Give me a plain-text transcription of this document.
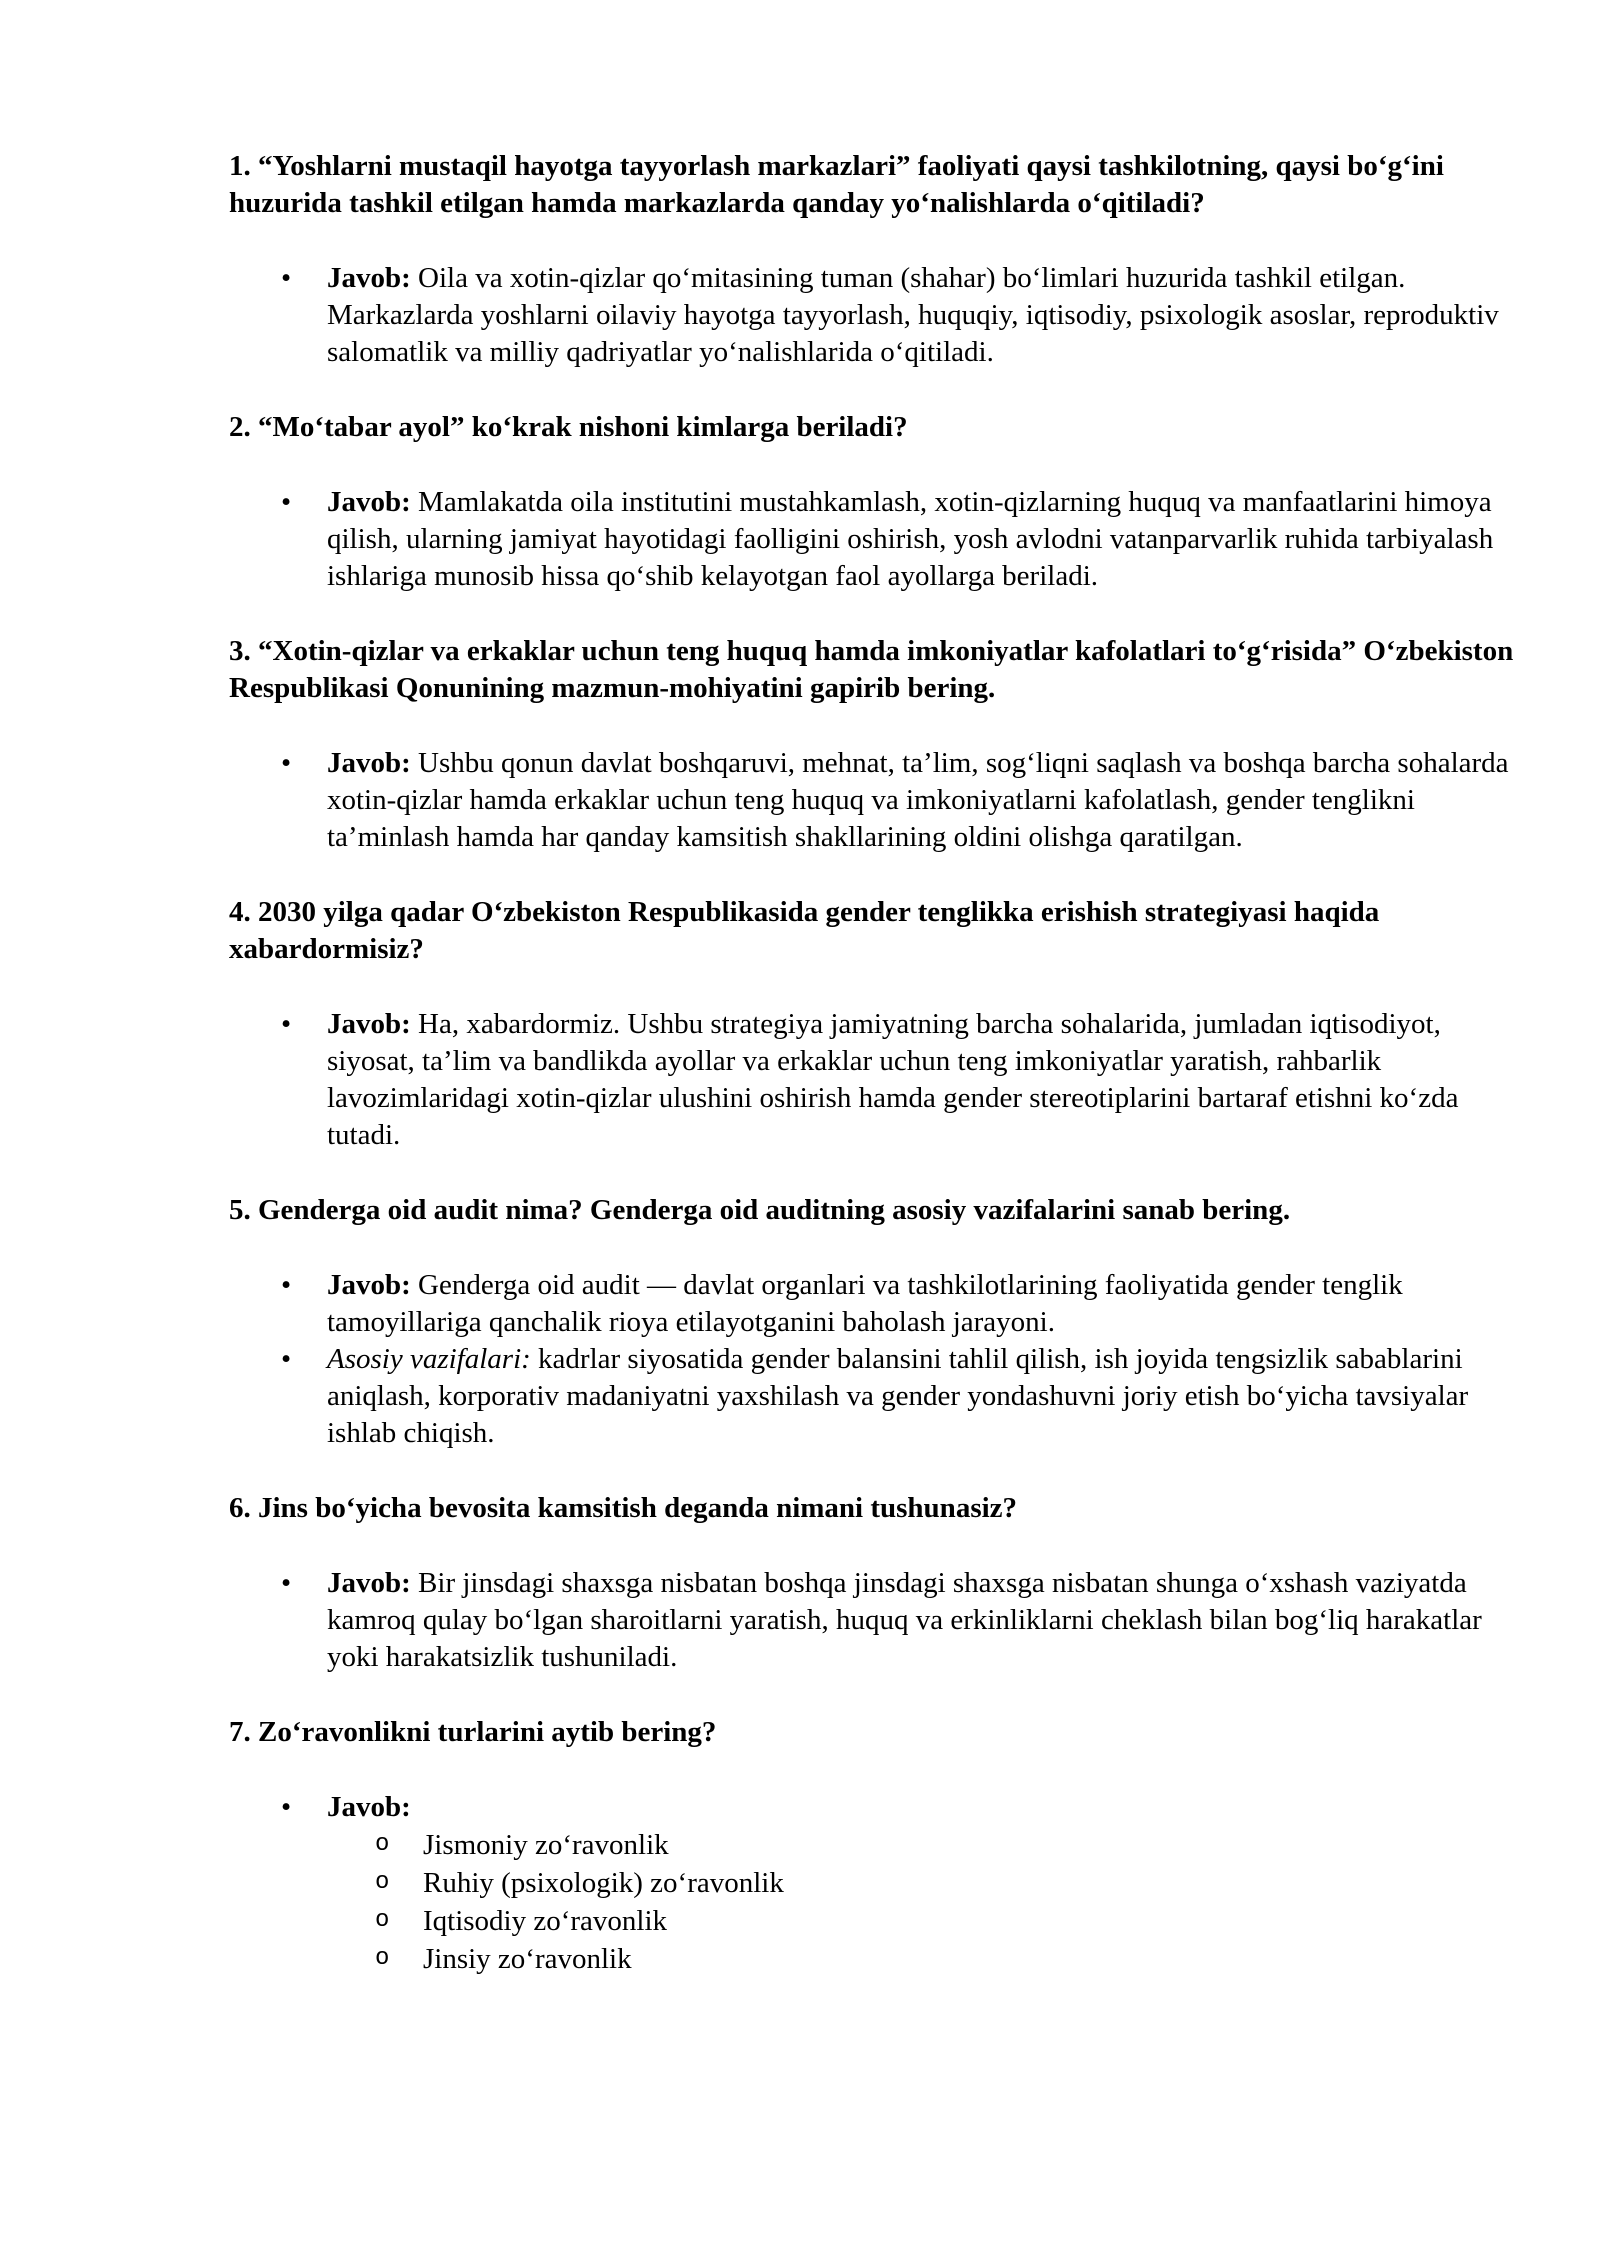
1. “Yoshlarni mustaqil hayotga tayyorlash markazlari” faoliyati qaysi tashkilotning, qaysi bo‘g‘ini huzurida tashkil etilgan hamda markazlarda qanday yo‘nalishlarda o‘qitiladi?
• Javob: Oila va xotin-qizlar qo‘mitasining tuman (shahar) bo‘limlari huzurida tashkil etilgan. Markazlarda yoshlarni oilaviy hayotga tayyorlash, huquqiy, iqtisodiy, psixologik asoslar, reproduktiv salomatlik va milliy qadriyatlar yo‘nalishlarida o‘qitiladi.
2. “Mo‘tabar ayol” ko‘krak nishoni kimlarga beriladi?
• Javob: Mamlakatda oila institutini mustahkamlash, xotin-qizlarning huquq va manfaatlarini himoya qilish, ularning jamiyat hayotidagi faolligini oshirish, yosh avlodni vatanparvarlik ruhida tarbiyalash ishlariga munosib hissa qo‘shib kelayotgan faol ayollarga beriladi.
3. “Xotin-qizlar va erkaklar uchun teng huquq hamda imkoniyatlar kafolatlari to‘g‘risida” O‘zbekiston Respublikasi Qonunining mazmun-mohiyatini gapirib bering.
• Javob: Ushbu qonun davlat boshqaruvi, mehnat, ta’lim, sog‘liqni saqlash va boshqa barcha sohalarda xotin-qizlar hamda erkaklar uchun teng huquq va imkoniyatlarni kafolatlash, gender tenglikni ta’minlash hamda har qanday kamsitish shakllarining oldini olishga qaratilgan.
4. 2030 yilga qadar O‘zbekiston Respublikasida gender tenglikka erishish strategiyasi haqida xabardormisiz?
• Javob: Ha, xabardormiz. Ushbu strategiya jamiyatning barcha sohalarida, jumladan iqtisodiyot, siyosat, ta’lim va bandlikda ayollar va erkaklar uchun teng imkoniyatlar yaratish, rahbarlik lavozimlaridagi xotin-qizlar ulushini oshirish hamda gender stereotiplarini bartaraf etishni ko‘zda tutadi.
5. Genderga oid audit nima? Genderga oid auditning asosiy vazifalarini sanab bering.
• Javob: Genderga oid audit — davlat organlari va tashkilotlarining faoliyatida gender tenglik tamoyillariga qanchalik rioya etilayotganini baholash jarayoni.
• Asosiy vazifalari: kadrlar siyosatida gender balansini tahlil qilish, ish joyida tengsizlik sabablarini aniqlash, korporativ madaniyatni yaxshilash va gender yondashuvni joriy etish bo‘yicha tavsiyalar ishlab chiqish.
6. Jins bo‘yicha bevosita kamsitish deganda nimani tushunasiz?
• Javob: Bir jinsdagi shaxsga nisbatan boshqa jinsdagi shaxsga nisbatan shunga o‘xshash vaziyatda kamroq qulay bo‘lgan sharoitlarni yaratish, huquq va erkinliklarni cheklash bilan bog‘liq harakatlar yoki harakatsizlik tushuniladi.
7. Zo‘ravonlikni turlarini aytib bering?
• Javob:
o Jismoniy zo‘ravonlik
o Ruhiy (psixologik) zo‘ravonlik
o Iqtisodiy zo‘ravonlik
o Jinsiy zo‘ravonlik
